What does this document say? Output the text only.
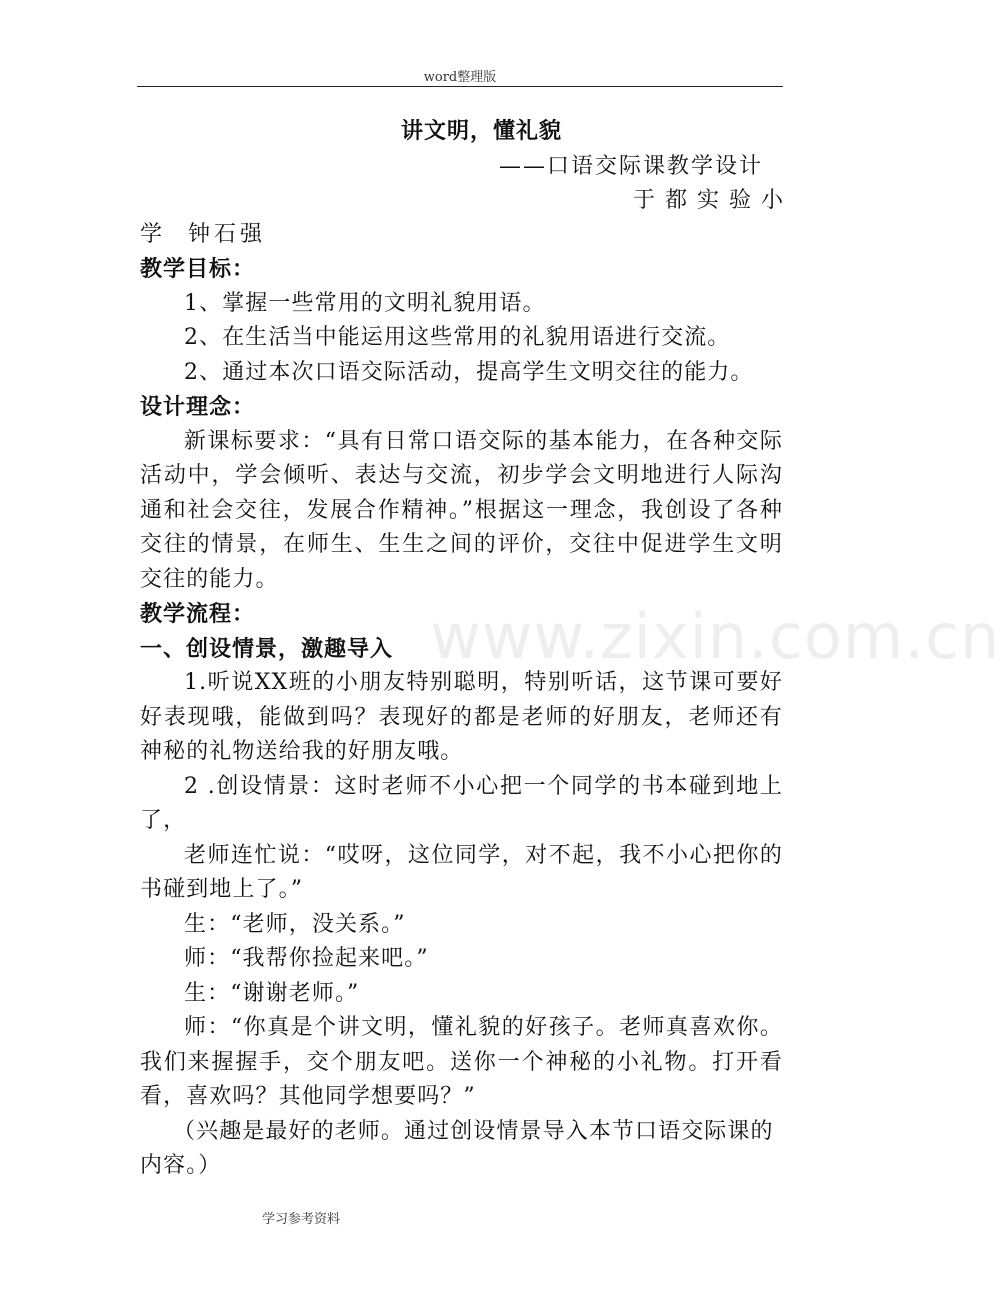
word整理版
www.zixin.com.cn
讲文明，懂礼貌
——口语交际课教学设计
于都实验小
学 钟石强
教学目标：
1、掌握一些常用的文明礼貌用语。
2、在生活当中能运用这些常用的礼貌用语进行交流。
2、通过本次口语交际活动，提高学生文明交往的能力。
设计理念：
新课标要求：“具有日常口语交际的基本能力，在各种交际活动中，学会倾听、表达与交流，初步学会文明地进行人际沟通和社会交往，发展合作精神。”根据这一理念，我创设了各种交往的情景，在师生、生生之间的评价，交往中促进学生文明交往的能力。
教学流程：
一、创设情景，激趣导入
1.听说XX班的小朋友特别聪明，特别听话，这节课可要好好表现哦，能做到吗？表现好的都是老师的好朋友，老师还有神秘的礼物送给我的好朋友哦。
2 .创设情景：这时老师不小心把一个同学的书本碰到地上了，
老师连忙说：“哎呀，这位同学，对不起，我不小心把你的书碰到地上了。”
生：“老师，没关系。”
师：“我帮你捡起来吧。”
生：“谢谢老师。”
师：“你真是个讲文明，懂礼貌的好孩子。老师真喜欢你。我们来握握手，交个朋友吧。送你一个神秘的小礼物。打开看看，喜欢吗？其他同学想要吗？”
（兴趣是最好的老师。通过创设情景导入本节口语交际课的内容。）
学习参考资料
